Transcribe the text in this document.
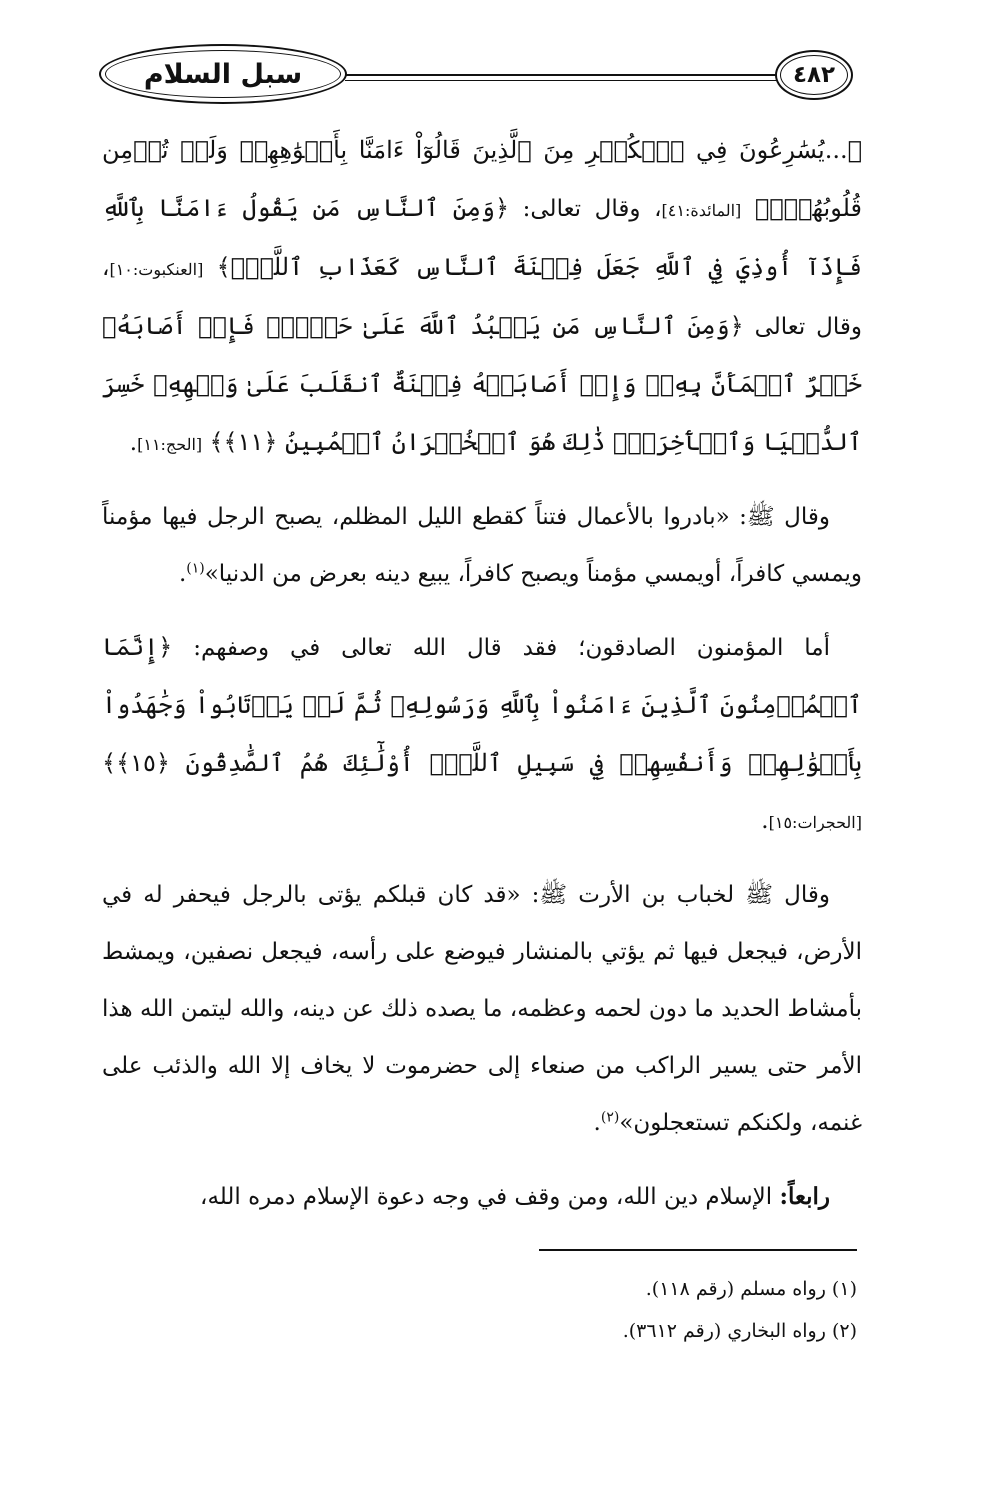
سبل السلام	٤٨٢

﴿...يُسَٰرِعُونَ فِي ٱلۡكُفۡرِ مِنَ ٱلَّذِينَ قَالُوٓاْ ءَامَنَّا بِأَفۡوَٰهِهِمۡ وَلَمۡ تُؤۡمِن قُلُوبُهُمۡۛ﴾ [المائدة:٤١]، وقال تعالى: ﴿وَمِنَ ٱلنَّاسِ مَن يَقُولُ ءَامَنَّا بِٱللَّهِ فَإِذَآ أُوذِيَ فِي ٱللَّهِ جَعَلَ فِتۡنَةَ ٱلنَّاسِ كَعَذَابِ ٱللَّهِۖ﴾ [العنكبوت:١٠]، وقال تعالى ﴿وَمِنَ ٱلنَّاسِ مَن يَعۡبُدُ ٱللَّهَ عَلَىٰ حَرۡفٖۖ فَإِنۡ أَصَابَهُۥ خَيۡرٌ ٱطۡمَأَنَّ بِهِۦۖ وَإِنۡ أَصَابَتۡهُ فِتۡنَةٌ ٱنقَلَبَ عَلَىٰ وَجۡهِهِۦ خَسِرَ ٱلدُّنۡيَا وَٱلۡأٓخِرَةَۚ ذَٰلِكَ هُوَ ٱلۡخُسۡرَانُ ٱلۡمُبِينُ ﴿١١﴾﴾ [الحج:١١].

وقال ﷺ: «بادروا بالأعمال فتناً كقطع الليل المظلم، يصبح الرجل فيها مؤمناً ويمسي كافراً، أويمسي مؤمناً ويصبح كافراً، يبيع دينه بعرض من الدنيا»$^{(١)}$.

أما المؤمنون الصادقون؛ فقد قال الله تعالى في وصفهم: ﴿إِنَّمَا ٱلۡمُؤۡمِنُونَ ٱلَّذِينَ ءَامَنُواْ بِٱللَّهِ وَرَسُولِهِۦ ثُمَّ لَمۡ يَرۡتَابُواْ وَجَٰهَدُواْ بِأَمۡوَٰلِهِمۡ وَأَنفُسِهِمۡ فِي سَبِيلِ ٱللَّهِۚ أُوْلَٰٓئِكَ هُمُ ٱلصَّٰدِقُونَ ﴿١٥﴾﴾ [الحجرات:١٥].

وقال ﷺ لخباب بن الأرت ﷺ: «قد كان قبلكم يؤتى بالرجل فيحفر له في الأرض، فيجعل فيها ثم يؤتي بالمنشار فيوضع على رأسه، فيجعل نصفين، ويمشط بأمشاط الحديد ما دون لحمه وعظمه، ما يصده ذلك عن دينه، والله ليتمن الله هذا الأمر حتى يسير الراكب من صنعاء إلى حضرموت لا يخاف إلا الله والذئب على غنمه، ولكنكم تستعجلون»$^{(٢)}$.

رابعاً: الإسلام دين الله، ومن وقف في وجه دعوة الإسلام دمره الله،

(١) رواه مسلم (رقم ١١٨).

(٢) رواه البخاري (رقم ٣٦١٢).
